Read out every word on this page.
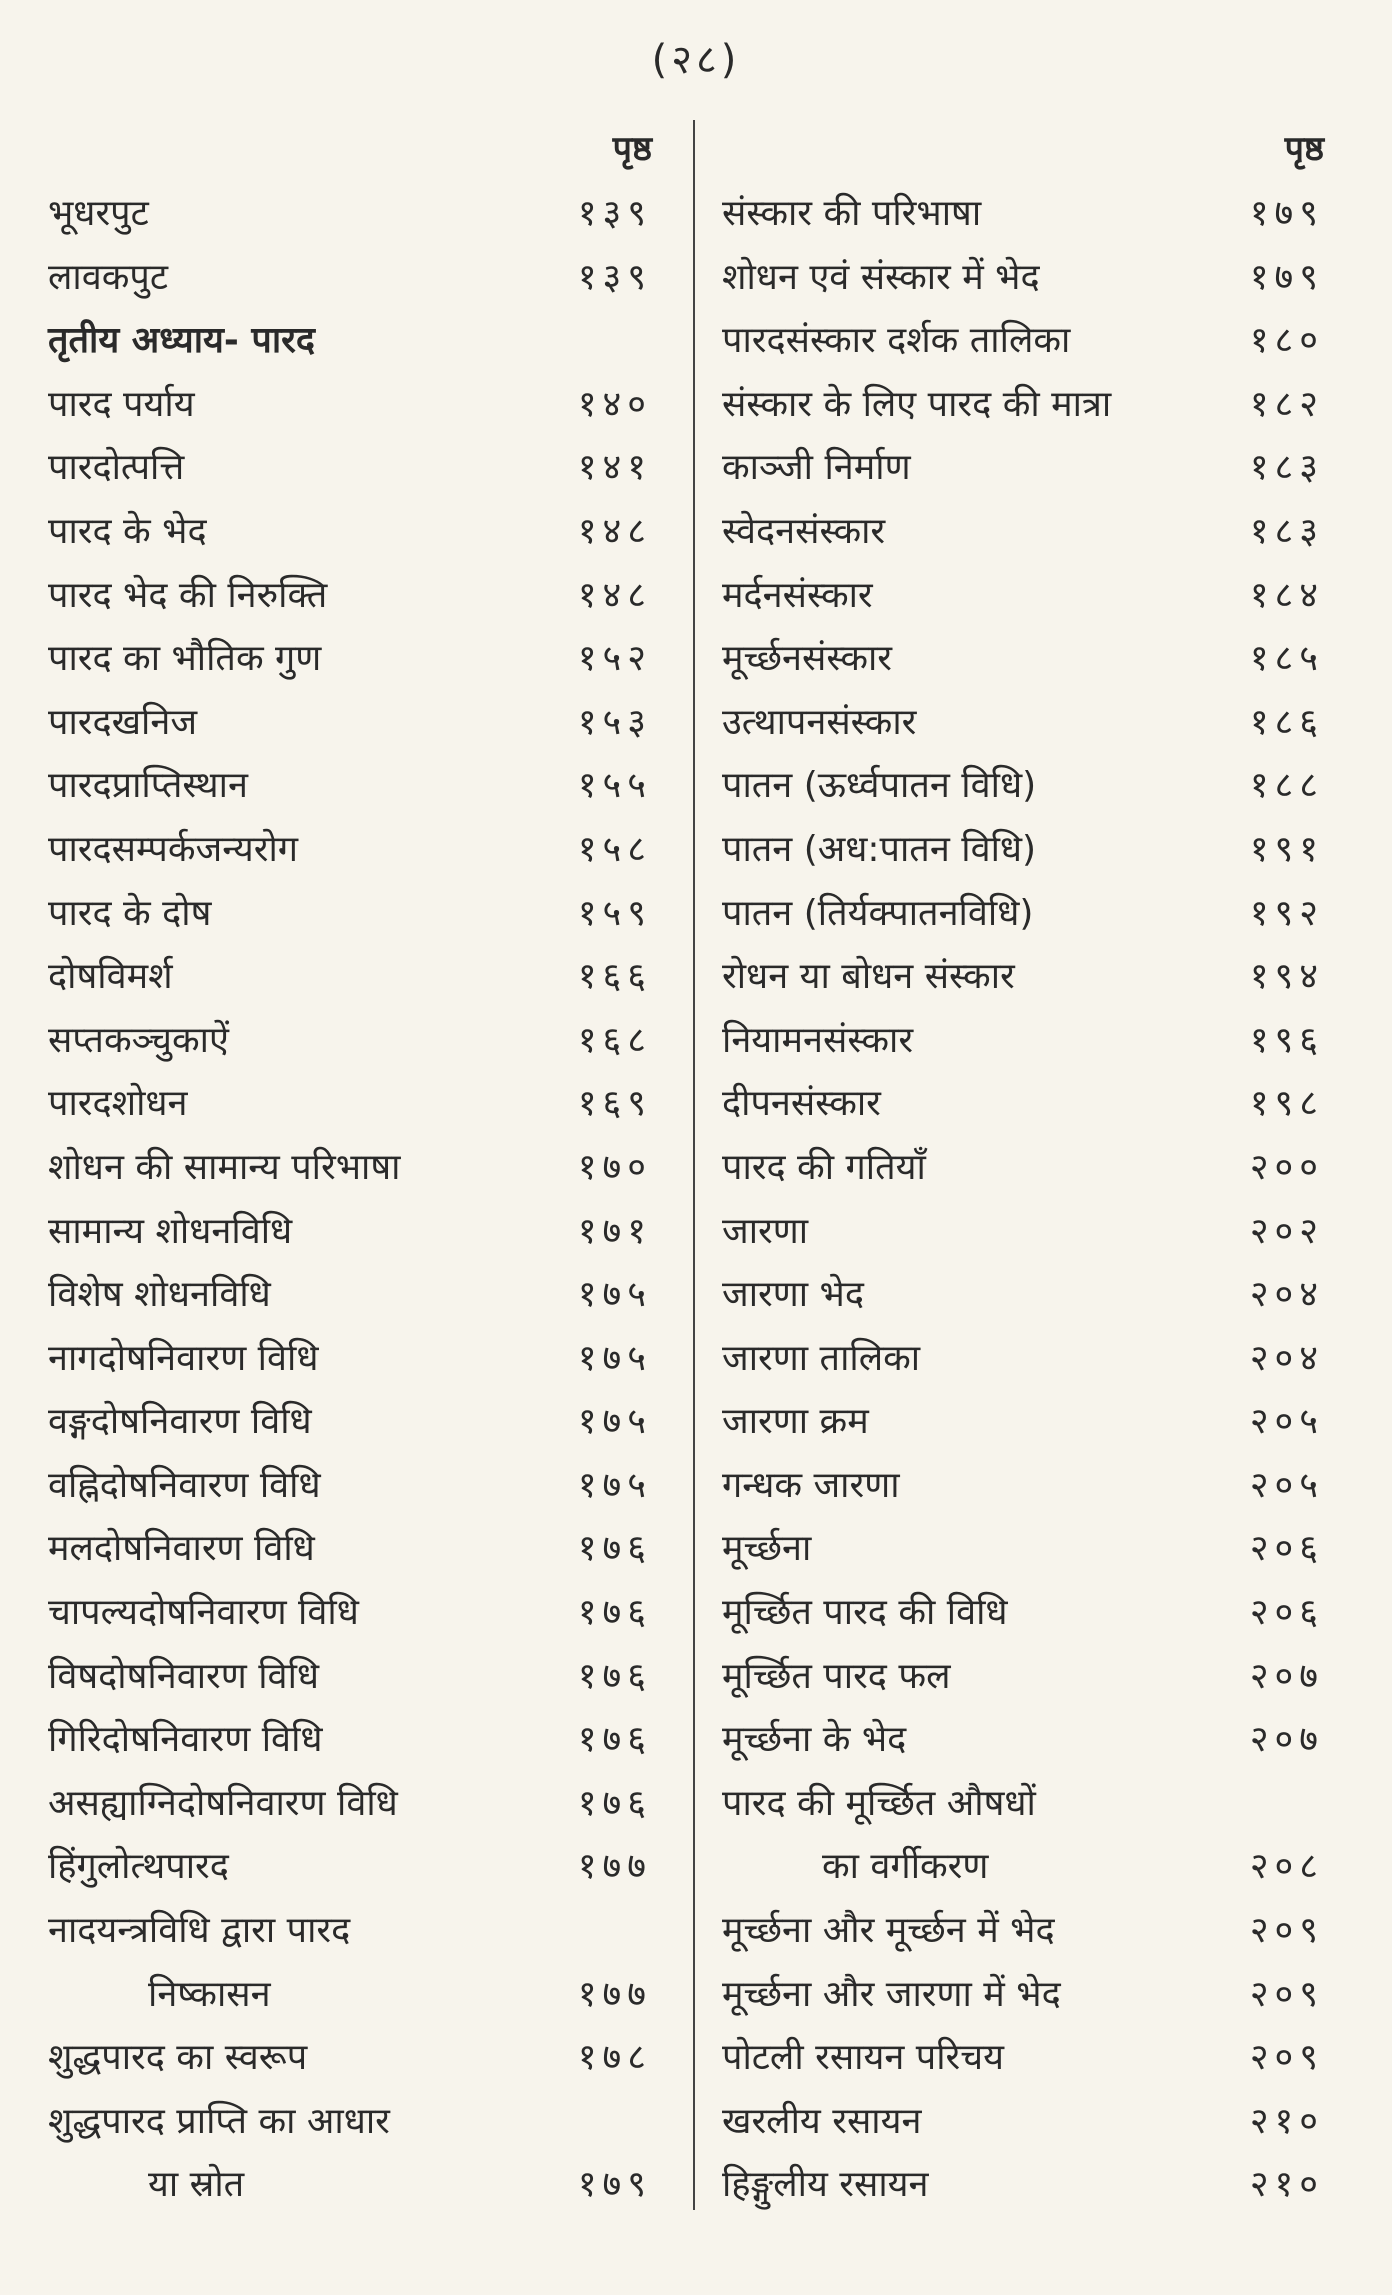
(२८)
पृष्ठ
भूधरपुट	१३९
लावकपुट	१३९
तृतीय अध्याय- पारद
पारद पर्याय	१४०
पारदोत्पत्ति	१४१
पारद के भेद	१४८
पारद भेद की निरुक्ति	१४८
पारद का भौतिक गुण	१५२
पारदखनिज	१५३
पारदप्राप्तिस्थान	१५५
पारदसम्पर्कजन्यरोग	१५८
पारद के दोष	१५९
दोषविमर्श	१६६
सप्तकञ्चुकाऐं	१६८
पारदशोधन	१६९
शोधन की सामान्य परिभाषा	१७०
सामान्य शोधनविधि	१७१
विशेष शोधनविधि	१७५
नागदोषनिवारण विधि	१७५
वङ्गदोषनिवारण विधि	१७५
वह्निदोषनिवारण विधि	१७५
मलदोषनिवारण विधि	१७६
चापल्यदोषनिवारण विधि	१७६
विषदोषनिवारण विधि	१७६
गिरिदोषनिवारण विधि	१७६
असह्याग्निदोषनिवारण विधि	१७६
हिंगुलोत्थपारद	१७७
नादयन्त्रविधि द्वारा पारद
निष्कासन	१७७
शुद्धपारद का स्वरूप	१७८
शुद्धपारद प्राप्ति का आधार
या स्रोत	१७९
पृष्ठ
संस्कार की परिभाषा	१७९
शोधन एवं संस्कार में भेद	१७९
पारदसंस्कार दर्शक तालिका	१८०
संस्कार के लिए पारद की मात्रा	१८२
काञ्जी निर्माण	१८३
स्वेदनसंस्कार	१८३
मर्दनसंस्कार	१८४
मूर्च्छनसंस्कार	१८५
उत्थापनसंस्कार	१८६
पातन (ऊर्ध्वपातन विधि)	१८८
पातन (अध:पातन विधि)	१९१
पातन (तिर्यक्पातनविधि)	१९२
रोधन या बोधन संस्कार	१९४
नियामनसंस्कार	१९६
दीपनसंस्कार	१९८
पारद की गतियाँ	२००
जारणा	२०२
जारणा भेद	२०४
जारणा तालिका	२०४
जारणा क्रम	२०५
गन्धक जारणा	२०५
मूर्च्छना	२०६
मूर्च्छित पारद की विधि	२०६
मूर्च्छित पारद फल	२०७
मूर्च्छना के भेद	२०७
पारद की मूर्च्छित औषधों
का वर्गीकरण	२०८
मूर्च्छना और मूर्च्छन में भेद	२०९
मूर्च्छना और जारणा में भेद	२०९
पोटली रसायन परिचय	२०९
खरलीय रसायन	२१०
हिङ्गुलीय रसायन	२१०
